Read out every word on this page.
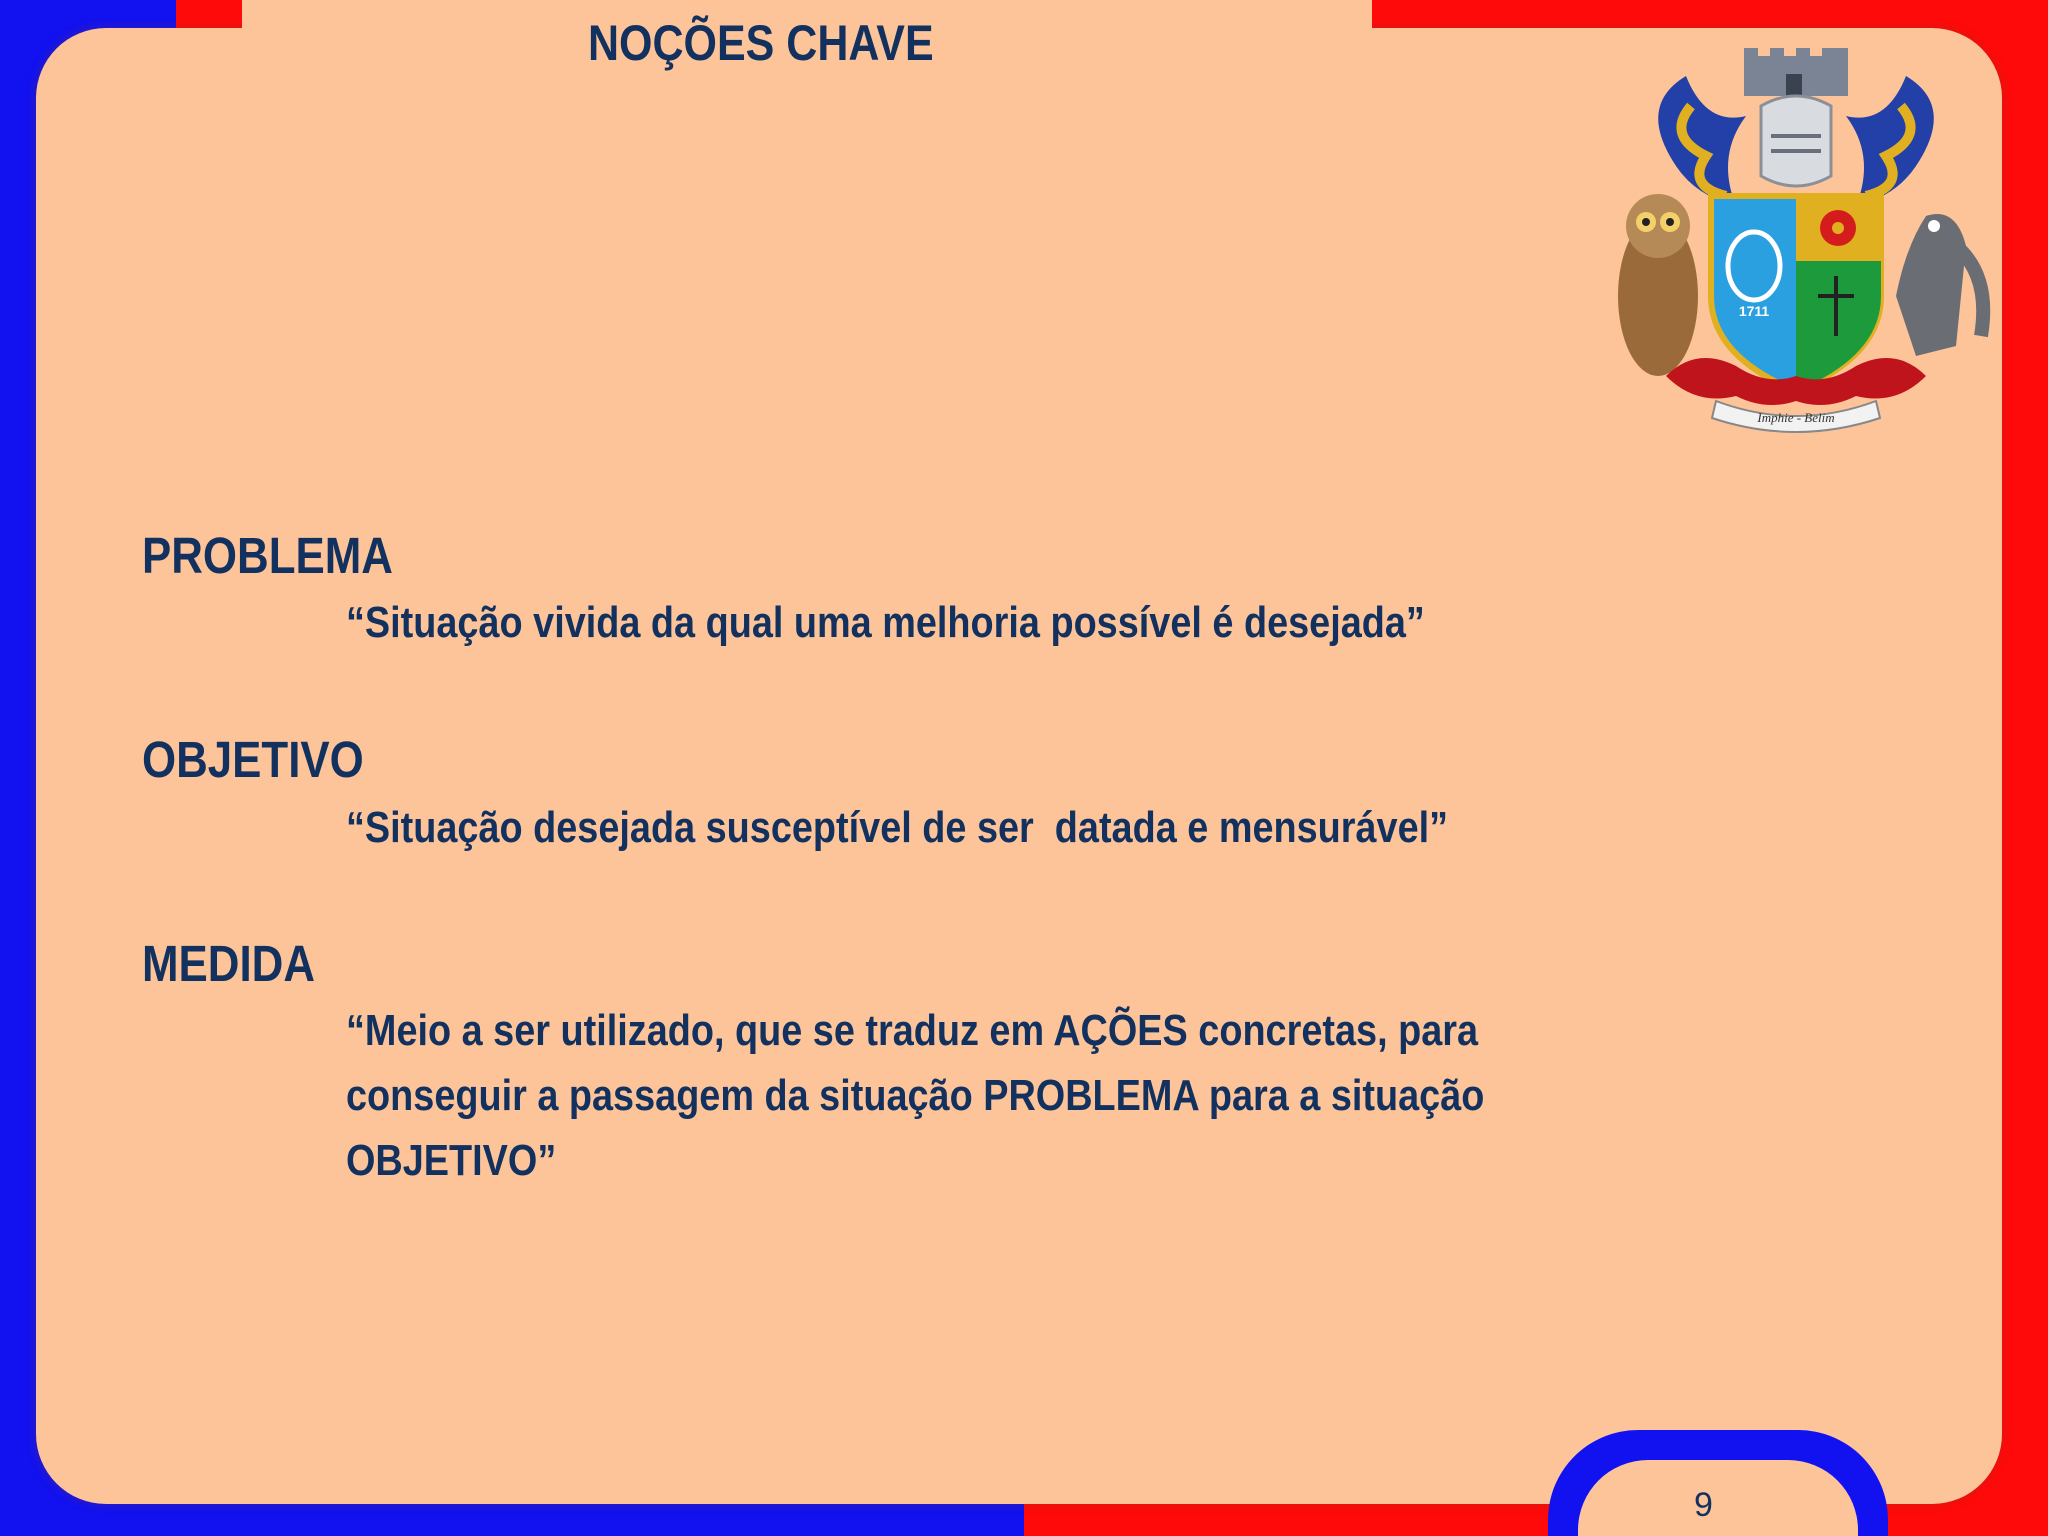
NOÇÕES CHAVE
1711
Imphie - Belim
PROBLEMA
“Situação vivida da qual uma melhoria possível é desejada”
OBJETIVO
“Situação desejada susceptível de ser  datada e mensurável”
MEDIDA
“Meio a ser utilizado, que se traduz em AÇÕES concretas, para conseguir a passagem da situação PROBLEMA para a situação OBJETIVO”
9
